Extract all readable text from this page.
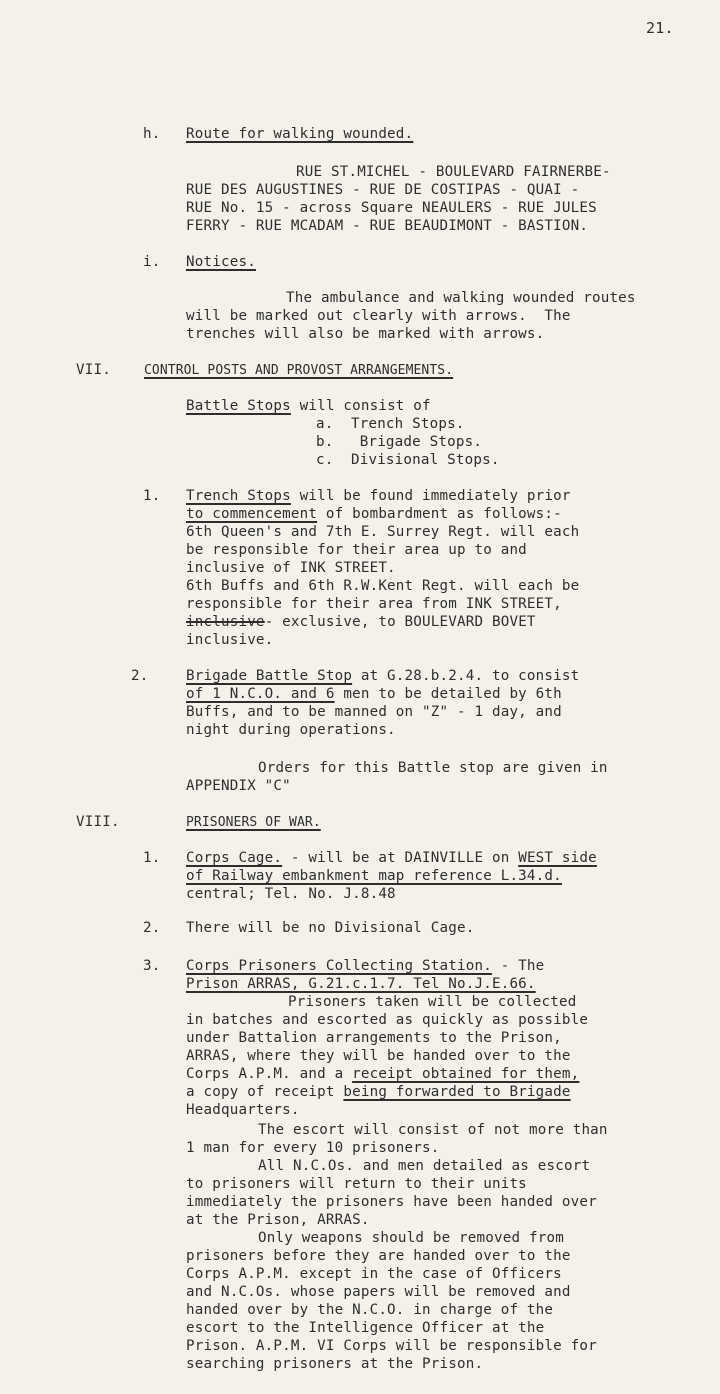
21.
h. Route for walking wounded.
RUE ST.MICHEL - BOULEVARD FAIRNERBE-
RUE DES AUGUSTINES - RUE DE COSTIPAS - QUAI -
RUE No. 15 - across Square NEAULERS - RUE JULES
FERRY - RUE MCADAM - RUE BEAUDIMONT - BASTION.
i. Notices.
The ambulance and walking wounded routes
will be marked out clearly with arrows.  The
trenches will also be marked with arrows.
VII.	CONTROL POSTS AND PROVOST ARRANGEMENTS.
Battle Stops will consist of
a.  Trench Stops.
b.   Brigade Stops.
c.  Divisional Stops.
1. Trench Stops will be found immediately prior
to commencement of bombardment as follows:-
6th Queen's and 7th E. Surrey Regt. will each
be responsible for their area up to and
inclusive of INK STREET.
6th Buffs and 6th R.W.Kent Regt. will each be
responsible for their area from INK STREET,
inclusive- exclusive, to BOULEVARD BOVET
inclusive.
2.	Brigade Battle Stop at G.28.b.2.4. to consist
of 1 N.C.O. and 6 men to be detailed by 6th
Buffs, and to be manned on "Z" - 1 day, and
night during operations.
Orders for this Battle stop are given in
APPENDIX "C"
VIII.	PRISONERS OF WAR.
1. Corps Cage. - will be at DAINVILLE on WEST side
of Railway embankment map reference L.34.d.
central; Tel. No. J.8.48
2. There will be no Divisional Cage.
3. Corps Prisoners Collecting Station. - The
Prison ARRAS, G.21.c.1.7. Tel No.J.E.66.
Prisoners taken will be collected
in batches and escorted as quickly as possible
under Battalion arrangements to the Prison,
ARRAS, where they will be handed over to the
Corps A.P.M. and a receipt obtained for them,
a copy of receipt being forwarded to Brigade
Headquarters.
The escort will consist of not more than
1 man for every 10 prisoners.
All N.C.Os. and men detailed as escort
to prisoners will return to their units
immediately the prisoners have been handed over
at the Prison, ARRAS.
Only weapons should be removed from
prisoners before they are handed over to the
Corps A.P.M. except in the case of Officers
and N.C.Os. whose papers will be removed and
handed over by the N.C.O. in charge of the
escort to the Intelligence Officer at the
Prison. A.P.M. VI Corps will be responsible for
searching prisoners at the Prison.
